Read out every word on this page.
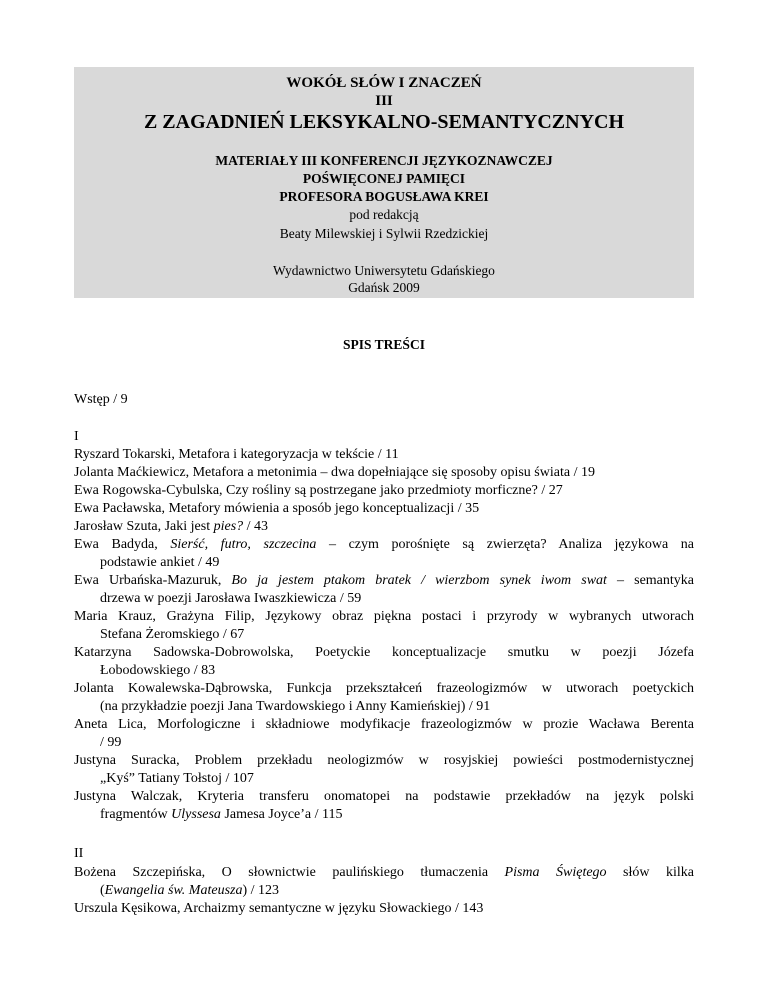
WOKÓŁ SŁÓW I ZNACZEŃ
III
Z ZAGADNIEŃ LEKSYKALNO-SEMANTYCZNYCH
MATERIAŁY III KONFERENCJI JĘZYKOZNAWCZEJ
POŚWIĘCONEJ PAMIĘCI
PROFESORA BOGUSŁAWA KREI
pod redakcją
Beaty Milewskiej i Sylwii Rzedzickiej
Wydawnictwo Uniwersytetu Gdańskiego
Gdańsk 2009
SPIS TREŚCI
Wstęp / 9
I
Ryszard Tokarski, Metafora i kategoryzacja w tekście / 11
Jolanta Maćkiewicz, Metafora a metonimia – dwa dopełniające się sposoby opisu świata / 19
Ewa Rogowska-Cybulska, Czy rośliny są postrzegane jako przedmioty morficzne? / 27
Ewa Pacławska, Metafory mówienia a sposób jego konceptualizacji / 35
Jarosław Szuta, Jaki jest pies? / 43
Ewa Badyda, Sierść, futro, szczecina – czym porośnięte są zwierzęta? Analiza językowa na
podstawie ankiet / 49
Ewa Urbańska-Mazuruk, Bo ja jestem ptakom bratek / wierzbom synek iwom swat – semantyka
drzewa w poezji Jarosława Iwaszkiewicza / 59
Maria Krauz, Grażyna Filip, Językowy obraz piękna postaci i przyrody w wybranych utworach
Stefana Żeromskiego / 67
Katarzyna Sadowska-Dobrowolska, Poetyckie konceptualizacje smutku w poezji Józefa
Łobodowskiego / 83
Jolanta Kowalewska-Dąbrowska, Funkcja przekształceń frazeologizmów w utworach poetyckich
(na przykładzie poezji Jana Twardowskiego i Anny Kamieńskiej) / 91
Aneta Lica, Morfologiczne i składniowe modyfikacje frazeologizmów w prozie Wacława Berenta
/ 99
Justyna Suracka, Problem przekładu neologizmów w rosyjskiej powieści postmodernistycznej
„Kyś” Tatiany Tołstoj / 107
Justyna Walczak, Kryteria transferu onomatopei na podstawie przekładów na język polski
fragmentów Ulyssesa Jamesa Joyce’a / 115
II
Bożena Szczepińska, O słownictwie paulińskiego tłumaczenia Pisma Świętego słów kilka
(Ewangelia św. Mateusza) / 123
Urszula Kęsikowa, Archaizmy semantyczne w języku Słowackiego / 143
